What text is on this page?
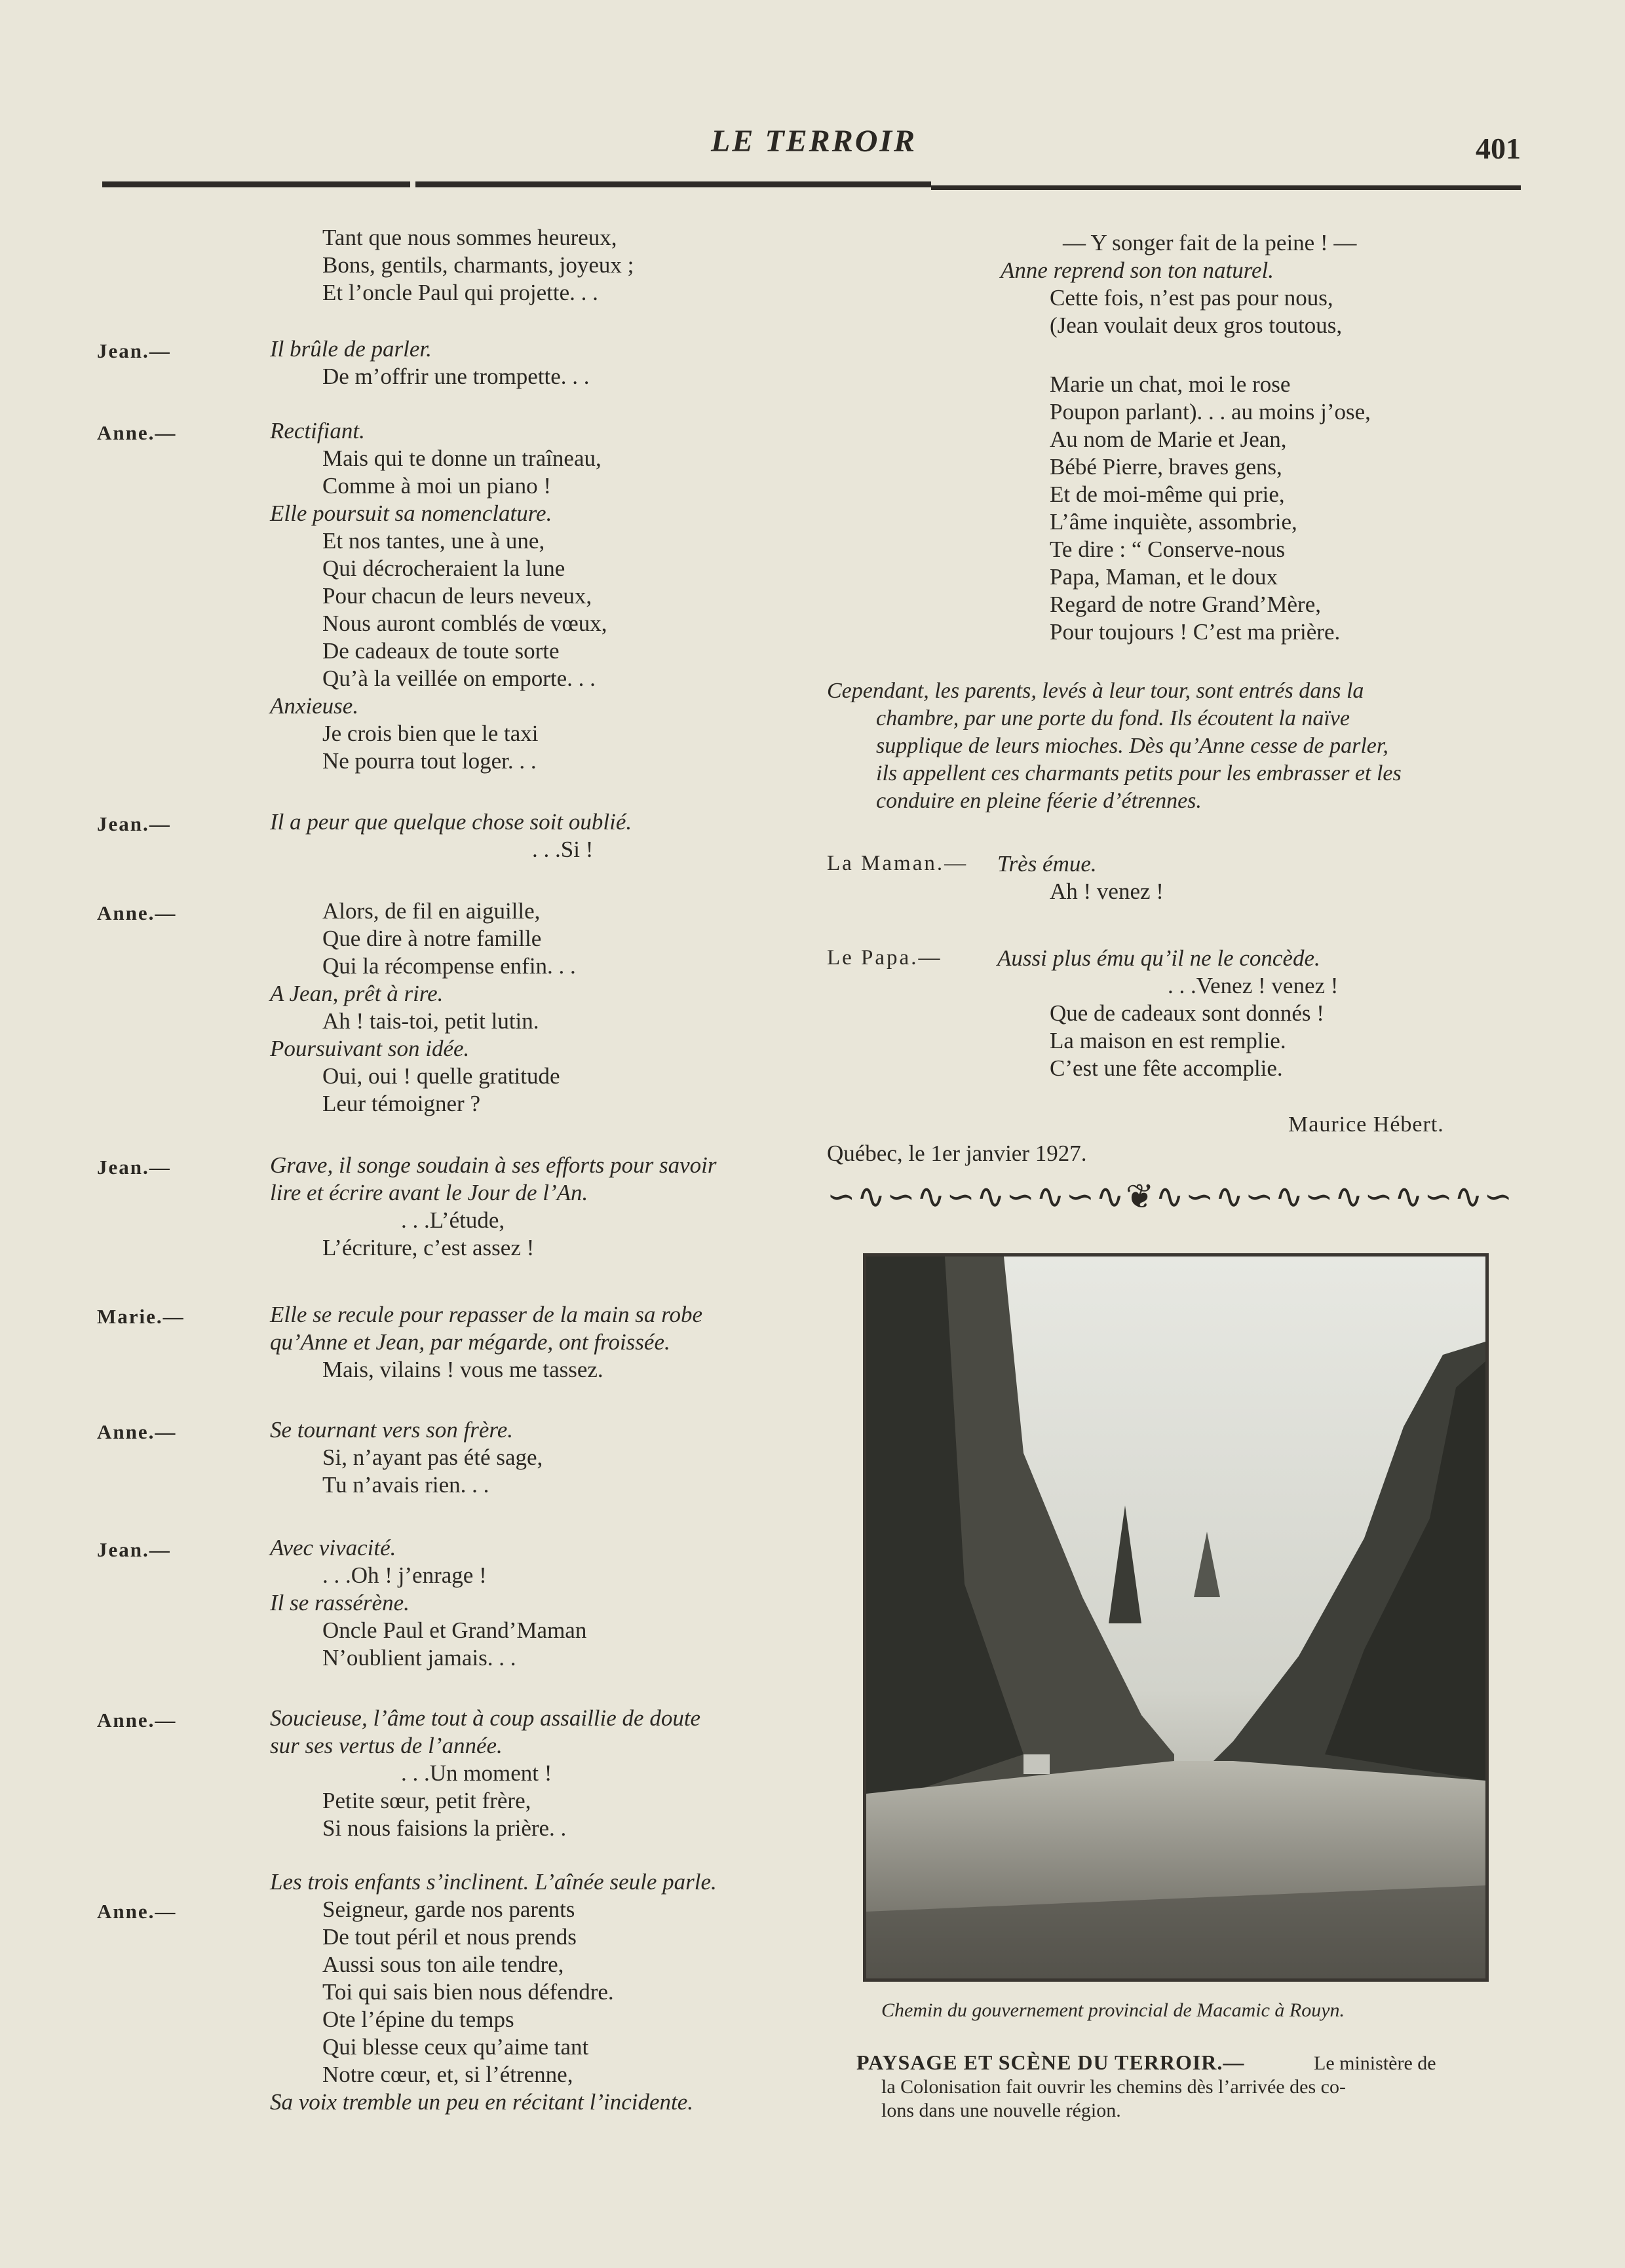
LE TERROIR	401
Tant que nous sommes heureux,
Bons, gentils, charmants, joyeux ;
Et l’oncle Paul qui projette. . .
Jean.—	Il brûle de parler.
De m’offrir une trompette. . .
Anne.—	Rectifiant.
Mais qui te donne un traîneau,
Comme à moi un piano !
Elle poursuit sa nomenclature.
Et nos tantes, une à une,
Qui décrocheraient la lune
Pour chacun de leurs neveux,
Nous auront comblés de vœux,
De cadeaux de toute sorte
Qu’à la veillée on emporte. . .
Anxieuse.
Je crois bien que le taxi
Ne pourra tout loger. . .
Jean.—	Il a peur que quelque chose soit oublié.
. . .Si !
Anne.—	Alors, de fil en aiguille,
Que dire à notre famille
Qui la récompense enfin. . .
A Jean, prêt à rire.
Ah ! tais-toi, petit lutin.
Poursuivant son idée.
Oui, oui ! quelle gratitude
Leur témoigner ?
Jean.—	Grave, il songe soudain à ses efforts pour savoir
lire et écrire avant le Jour de l’An.
. . .L’étude,
L’écriture, c’est assez !
Marie.—	Elle se recule pour repasser de la main sa robe
qu’Anne et Jean, par mégarde, ont froissée.
Mais, vilains ! vous me tassez.
Anne.—	Se tournant vers son frère.
Si, n’ayant pas été sage,
Tu n’avais rien. . .
Jean.—	Avec vivacité.
. . .Oh ! j’enrage !
Il se rassérène.
Oncle Paul et Grand’Maman
N’oublient jamais. . .
Anne.—	Soucieuse, l’âme tout à coup assaillie de doute
sur ses vertus de l’année.
. . .Un moment !
Petite sœur, petit frère,
Si nous faisions la prière. .
Les trois enfants s’inclinent. L’aînée seule parle.
Anne.—	Seigneur, garde nos parents
De tout péril et nous prends
Aussi sous ton aile tendre,
Toi qui sais bien nous défendre.
Ote l’épine du temps
Qui blesse ceux qu’aime tant
Notre cœur, et, si l’étrenne,
Sa voix tremble un peu en récitant l’incidente.
— Y songer fait de la peine ! —
Anne reprend son ton naturel.
Cette fois, n’est pas pour nous,
(Jean voulait deux gros toutous,
Marie un chat, moi le rose
Poupon parlant). . . au moins j’ose,
Au nom de Marie et Jean,
Bébé Pierre, braves gens,
Et de moi-même qui prie,
L’âme inquiète, assombrie,
Te dire : “ Conserve-nous
Papa, Maman, et le doux
Regard de notre Grand’Mère,
Pour toujours ! C’est ma prière.
Cependant, les parents, levés à leur tour, sont entrés dans la
chambre, par une porte du fond. Ils écoutent la naïve
supplique de leurs mioches. Dès qu’Anne cesse de parler,
ils appellent ces charmants petits pour les embrasser et les
conduire en pleine féerie d’étrennes.
La Maman.— Très émue.
Ah ! venez !
Le Papa.— Aussi plus ému qu’il ne le concède.
. . .Venez ! venez !
Que de cadeaux sont donnés !
La maison en est remplie.
C’est une fête accomplie.
Maurice Hébert.
Québec, le 1er janvier 1927.
∽∿∽∿∽∿∽∿∽∿❦∿∽∿∽∿∽∿∽∿∽∿∽
Chemin du gouvernement provincial de Macamic à Rouyn.
PAYSAGE ET SCÈNE DU TERROIR.—	Le ministère de
la Colonisation fait ouvrir les chemins dès l’arrivée des co-
lons dans une nouvelle région.
